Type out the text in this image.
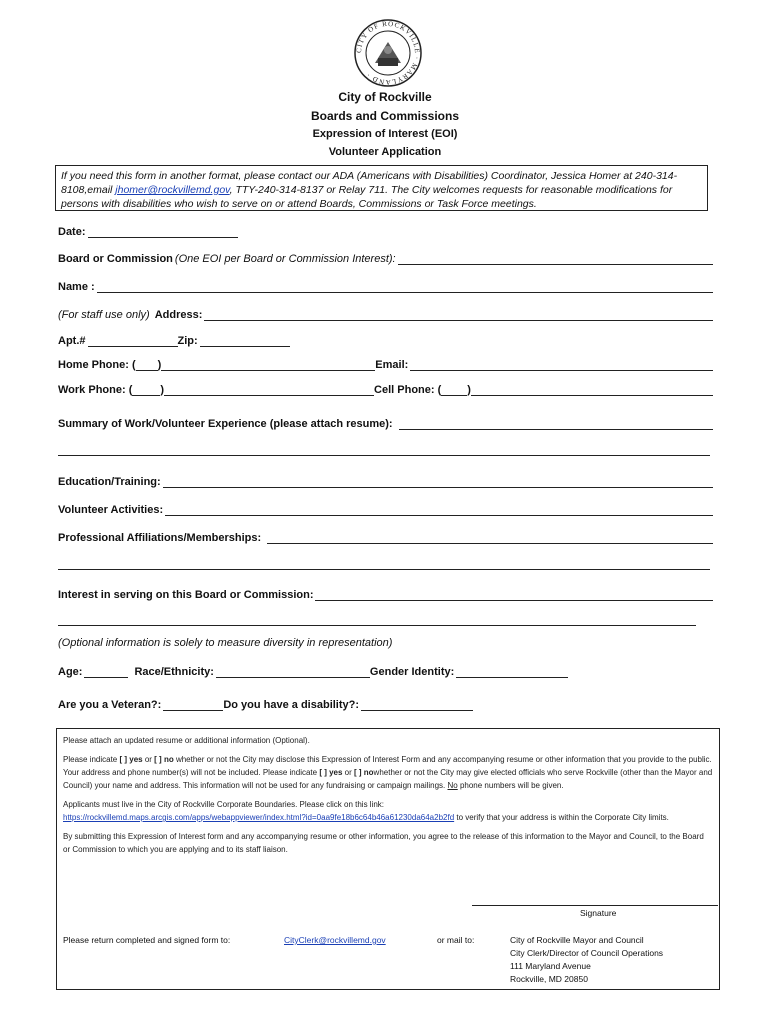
CITY OF ROCKVILLE · MARYLAND ·
City of Rockville
Boards and Commissions
Expression of Interest (EOI)
Volunteer Application
If you need this form in another format, please contact our ADA (Americans with Disabilities) Coordinator, Jessica Homer at 240-314-8108,email jhomer@rockvillemd.gov, TTY-240-314-8137 or Relay 711. The City welcomes requests for reasonable modifications for persons with disabilities who wish to serve on or attend Boards, Commissions or Task Force meetings.
Date:
Board or Commission (One EOI per Board or Commission Interest):
Name :
(For staff use only) Address:
Apt.#	Zip:
Home Phone: ( )	Email:
Work Phone: (	)	Cell Phone: ( )
Summary of Work/Volunteer Experience (please attach resume):
Education/Training:
Volunteer Activities:
Professional Affiliations/Memberships:
Interest in serving on this Board or Commission:
(Optional information is solely to measure diversity in representation)
Age:	Race/Ethnicity:	Gender Identity:
Are you a Veteran?:	Do you have a disability?:

Please attach an updated resume or additional information (Optional).

Please indicate [ ] yes or [ ] no whether or not the City may disclose this Expression of Interest Form and any accompanying resume or other information that you provide to the public. Your address and phone number(s) will not be included. Please indicate [ ] yes or [ ] nowhether or not the City may give elected officials who serve Rockville (other than the Mayor and Council) your name and address. This information will not be used for any fundraising or campaign mailings. No phone numbers will be given.

Applicants must live in the City of Rockville Corporate Boundaries. Please click on this link:
https://rockvillemd.maps.arcgis.com/apps/webappviewer/index.html?id=0aa9fe18b6c64b46a61230da64a2b2fd to verify that your address is within the Corporate City limits.

By submitting this Expression of Interest form and any accompanying resume or other information, you agree to the release of this information to the Mayor and Council, to the Board or Commission to which you are applying and to its staff liaison.

Signature
Please return completed and signed form to:	CityClerk@rockvillemd.gov	or mail to:	City of Rockville Mayor and Council
City Clerk/Director of Council Operations
111 Maryland Avenue
Rockville, MD 20850
